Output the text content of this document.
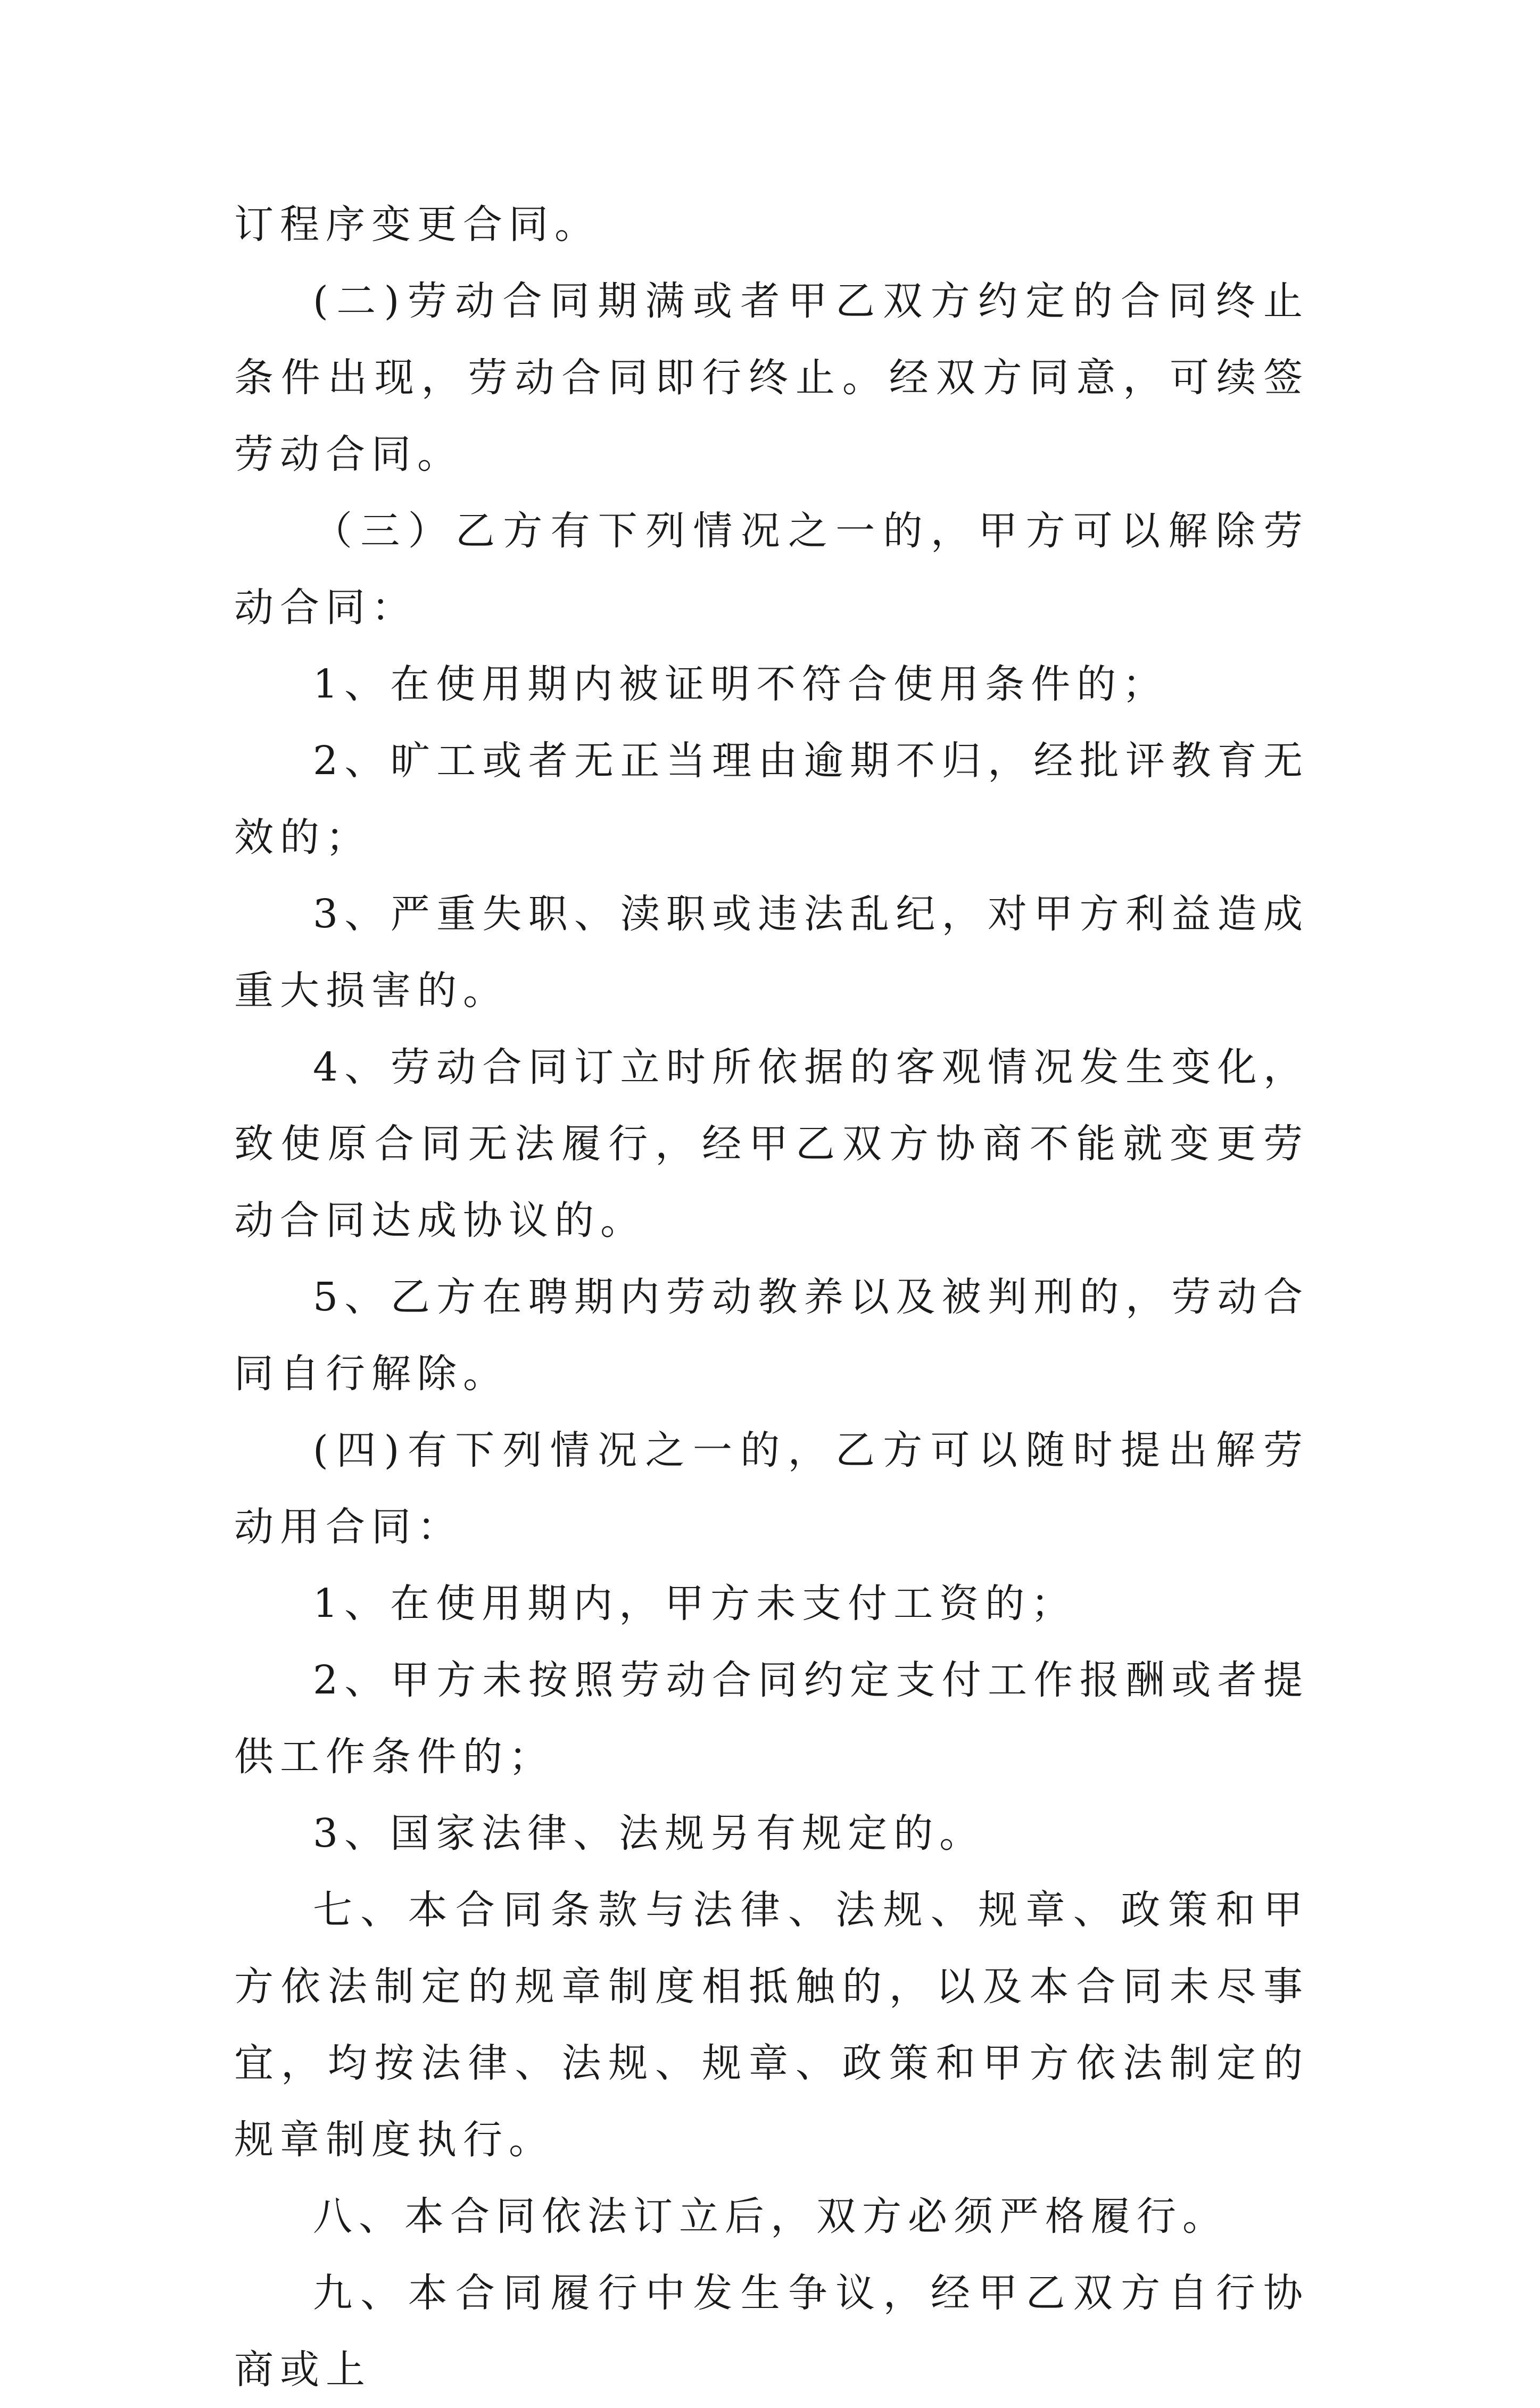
订程序变更合同。

(二)劳动合同期满或者甲乙双方约定的合同终止条件出现，劳动合同即行终止。经双方同意，可续签劳动合同。

（三）乙方有下列情况之一的，甲方可以解除劳动合同：

1、在使用期内被证明不符合使用条件的；

2、旷工或者无正当理由逾期不归，经批评教育无效的；

3、严重失职、渎职或违法乱纪，对甲方利益造成重大损害的。

4、劳动合同订立时所依据的客观情况发生变化，致使原合同无法履行，经甲乙双方协商不能就变更劳动合同达成协议的。

5、乙方在聘期内劳动教养以及被判刑的，劳动合同自行解除。

(四)有下列情况之一的，乙方可以随时提出解劳动用合同：

1、在使用期内，甲方未支付工资的；

2、甲方未按照劳动合同约定支付工作报酬或者提供工作条件的；

3、国家法律、法规另有规定的。

七、本合同条款与法律、法规、规章、政策和甲方依法制定的规章制度相抵触的，以及本合同未尽事宜，均按法律、法规、规章、政策和甲方依法制定的规章制度执行。

八、本合同依法订立后，双方必须严格履行。

九、本合同履行中发生争议，经甲乙双方自行协商或上
